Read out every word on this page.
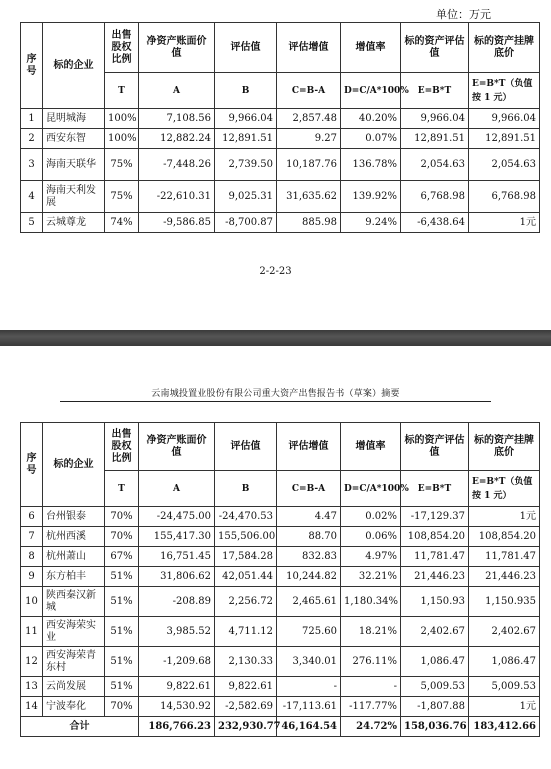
单位：万元
序号	标的企业	出售股权比例	净资产账面价值	评估值	评估增值	增值率	标的资产评估值	标的资产挂牌底价
		T	A	B	C=B-A	D=C/A*100%	E=B*T	E=B*T（负值按 1 元）
1	昆明城海	100%	7,108.56	9,966.04	2,857.48	40.20%	9,966.04	9,966.04
2	西安东智	100%	12,882.24	12,891.51	9.27	0.07%	12,891.51	12,891.51
3	海南天联华	75%	-7,448.26	2,739.50	10,187.76	136.78%	2,054.63	2,054.63
4	海南天利发展	75%	-22,610.31	9,025.31	31,635.62	139.92%	6,768.98	6,768.98
5	云城尊龙	74%	-9,586.85	-8,700.87	885.98	9.24%	-6,438.64	1元
2-2-23
云南城投置业股份有限公司重大资产出售报告书（草案）摘要
序号	标的企业	出售股权比例	净资产账面价值	评估值	评估增值	增值率	标的资产评估值	标的资产挂牌底价
		T	A	B	C=B-A	D=C/A*100%	E=B*T	E=B*T（负值按 1 元）
6	台州银泰	70%	-24,475.00	-24,470.53	4.47	0.02%	-17,129.37	1元
7	杭州西溪	70%	155,417.30	155,506.00	88.70	0.06%	108,854.20	108,854.20
8	杭州萧山	67%	16,751.45	17,584.28	832.83	4.97%	11,781.47	11,781.47
9	东方柏丰	51%	31,806.62	42,051.44	10,244.82	32.21%	21,446.23	21,446.23
10	陕西秦汉新城	51%	-208.89	2,256.72	2,465.61	1,180.34%	1,150.93	1,150.935
11	西安海荣实业	51%	3,985.52	4,711.12	725.60	18.21%	2,402.67	2,402.67
12	西安海荣青东村	51%	-1,209.68	2,130.33	3,340.01	276.11%	1,086.47	1,086.47
13	云尚发展	51%	9,822.61	9,822.61	-	-	5,009.53	5,009.53
14	宁波奉化	70%	14,530.92	-2,582.69	-17,113.61	-117.77%	-1,807.88	1元
合计			186,766.23	232,930.77	46,164.54	24.72%	158,036.76	183,412.66
